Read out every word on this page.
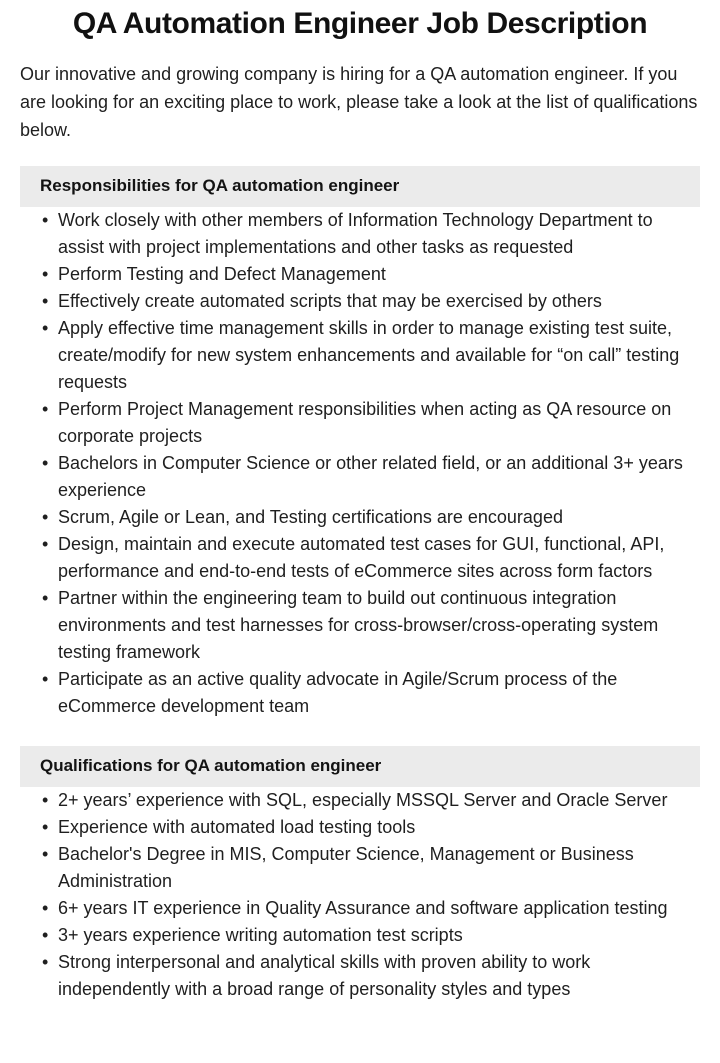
QA Automation Engineer Job Description

Our innovative and growing company is hiring for a QA automation engineer. If you are looking for an exciting place to work, please take a look at the list of qualifications below.

Responsibilities for QA automation engineer
• Work closely with other members of Information Technology Department to assist with project implementations and other tasks as requested
• Perform Testing and Defect Management
• Effectively create automated scripts that may be exercised by others
• Apply effective time management skills in order to manage existing test suite, create/modify for new system enhancements and available for “on call” testing requests
• Perform Project Management responsibilities when acting as QA resource on corporate projects
• Bachelors in Computer Science or other related field, or an additional 3+ years experience
• Scrum, Agile or Lean, and Testing certifications are encouraged
• Design, maintain and execute automated test cases for GUI, functional, API, performance and end-to-end tests of eCommerce sites across form factors
• Partner within the engineering team to build out continuous integration environments and test harnesses for cross-browser/cross-operating system testing framework
• Participate as an active quality advocate in Agile/Scrum process of the eCommerce development team
Qualifications for QA automation engineer
• 2+ years’ experience with SQL, especially MSSQL Server and Oracle Server
• Experience with automated load testing tools
• Bachelor's Degree in MIS, Computer Science, Management or Business Administration
• 6+ years IT experience in Quality Assurance and software application testing
• 3+ years experience writing automation test scripts
• Strong interpersonal and analytical skills with proven ability to work independently with a broad range of personality styles and types
